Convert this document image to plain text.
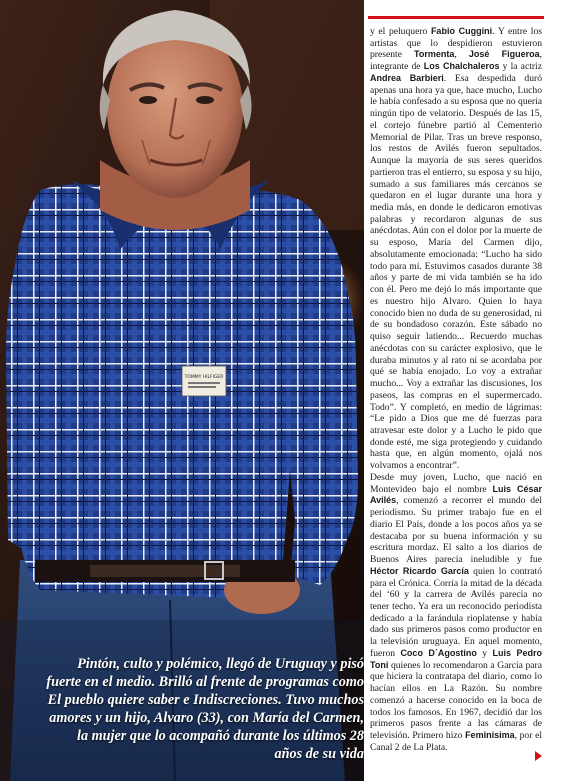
TOMMY HILFIGER
Pintón, culto y polémico, llegó de Uruguay y pisó fuerte en el medio. Brilló al frente de programas como El pueblo quiere saber e Indiscreciones. Tuvo muchos amores y un hijo, Alvaro (33), con María del Carmen, la mujer que lo acompañó durante los últimos 28 años de su vida

y el peluquero Fabio Cuggini. Y entre los artistas que lo despidieron estuvieron presente Tormenta, José Figueroa, integrante de Los Chalchaleros y la actriz Andrea Barbieri. Esa despedida duró apenas una hora ya que, hace mucho, Lucho le había confesado a su esposa que no quería ningún tipo de velatorio. Después de las 15, el cortejo fúnebre partió al Cementerio Memorial de Pilar. Tras un breve responso, los restos de Avilés fueron sepultados. Aunque la mayoría de sus seres queridos partieron tras el entierro, su esposa y su hijo, sumado a sus familiares más cercanos se quedaron en el lugar durante una hora y media más, en donde le dedicaron emotivas palabras y recordaron algunas de sus anécdotas. Aún con el dolor por la muerte de su esposo, María del Carmen dijo, absolutamente emocionada: “Lucho ha sido todo para mí. Estuvimos casados durante 38 años y parte de mi vida también se ha ido con él. Pero me dejó lo más importante que es nuestro hijo Alvaro. Quien lo haya conocido bien no duda de su generosidad, ni de su bondadoso corazón. Este sábado no quiso seguir latiendo... Recuerdo muchas anécdotas con su carácter explosivo, que le duraba minutos y al rato ni se acordaba por qué se había enojado. Lo voy a extrañar mucho... Voy a extrañar las discusiones, los paseos, las compras en el supermercado. Todo”. Y completó, en medio de lágrimas: “Le pido a Dios que me dé fuerzas para atravesar este dolor y a Lucho le pido que donde esté, me siga protegiendo y cuidando hasta que, en algún momento, ojalá nos volvamos a encontrar”.

Desde muy joven, Lucho, que nació en Montevideo bajo el nombre Luis César Avilés, comenzó a recorrer el mundo del periodismo. Su primer trabajo fue en el diario El País, donde a los pocos años ya se destacaba por su buena información y su escritura mordaz. El salto a los diarios de Buenos Aires parecía ineludible y fue Héctor Ricardo García quien lo contrató para el Crónica. Corría la mitad de la década del ‘60 y la carrera de Avilés parecía no tener techo. Ya era un reconocido periodista dedicado a la farándula rioplatense y había dado sus primeros pasos como productor en la televisión uruguaya. En aquel momento, fueron Coco D´Agostino y Luis Pedro Toni quienes lo recomendaron a García para que hiciera la contratapa del diario, como lo hacían ellos en La Razón. Su nombre comenzó a hacerse conocido en la boca de todos los famosos. En 1967, decidió dar los primeros pasos frente a las cámaras de televisión. Primero hizo Feminísima, por el Canal 2 de La Plata.
